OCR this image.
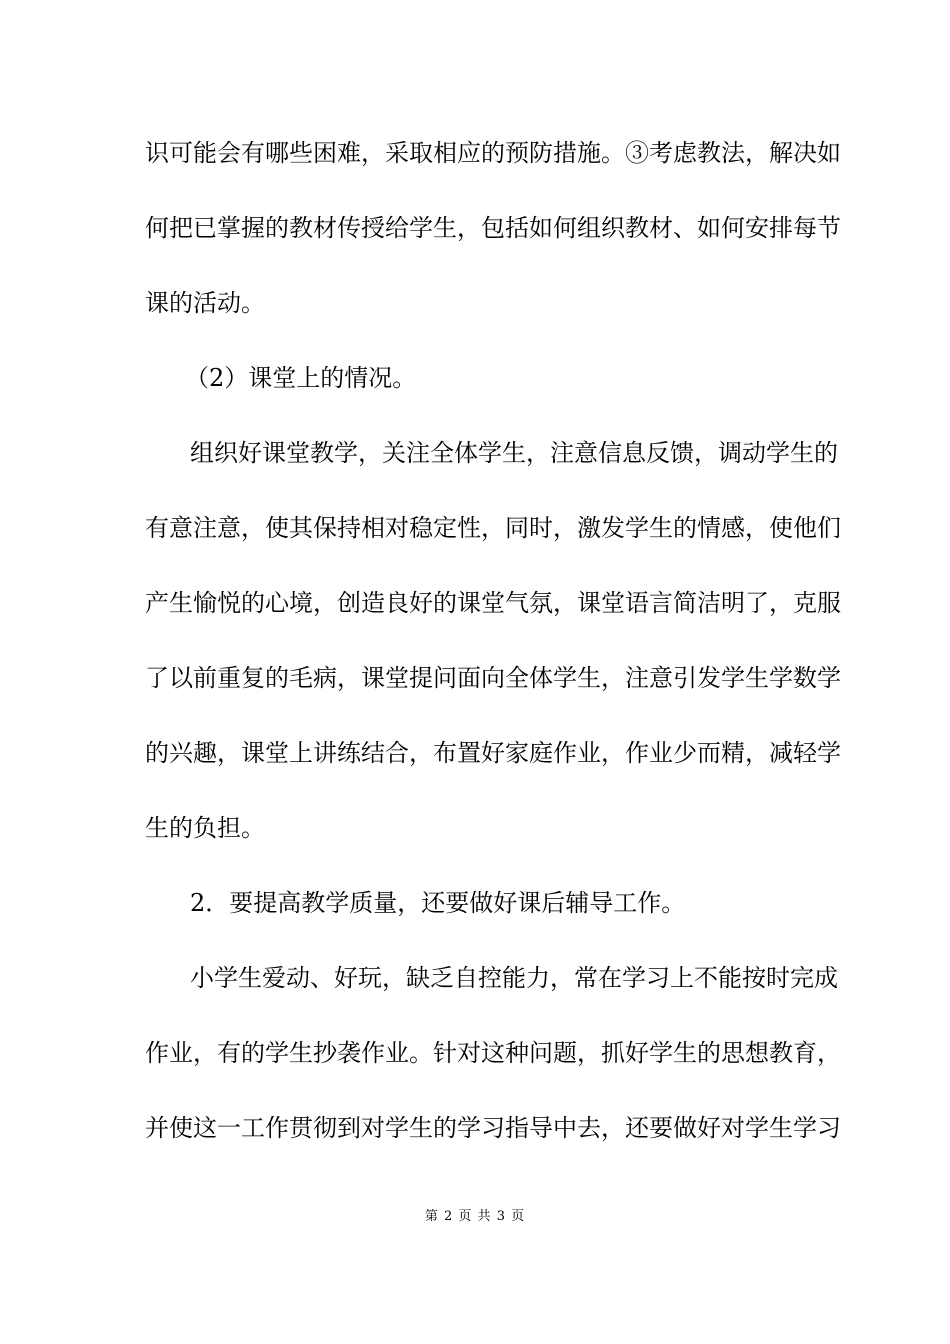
识可能会有哪些困难，采取相应的预防措施。③考虑教法，解决如
何把已掌握的教材传授给学生，包括如何组织教材、如何安排每节
课的活动。
（2）课堂上的情况。
组织好课堂教学，关注全体学生，注意信息反馈，调动学生的
有意注意，使其保持相对稳定性，同时，激发学生的情感，使他们
产生愉悦的心境，创造良好的课堂气氛，课堂语言简洁明了，克服
了以前重复的毛病，课堂提问面向全体学生，注意引发学生学数学
的兴趣，课堂上讲练结合，布置好家庭作业，作业少而精，减轻学
生的负担。
2．要提高教学质量，还要做好课后辅导工作。
小学生爱动、好玩，缺乏自控能力，常在学习上不能按时完成
作业，有的学生抄袭作业。针对这种问题，抓好学生的思想教育，
并使这一工作贯彻到对学生的学习指导中去，还要做好对学生学习
第 2 页 共 3 页
